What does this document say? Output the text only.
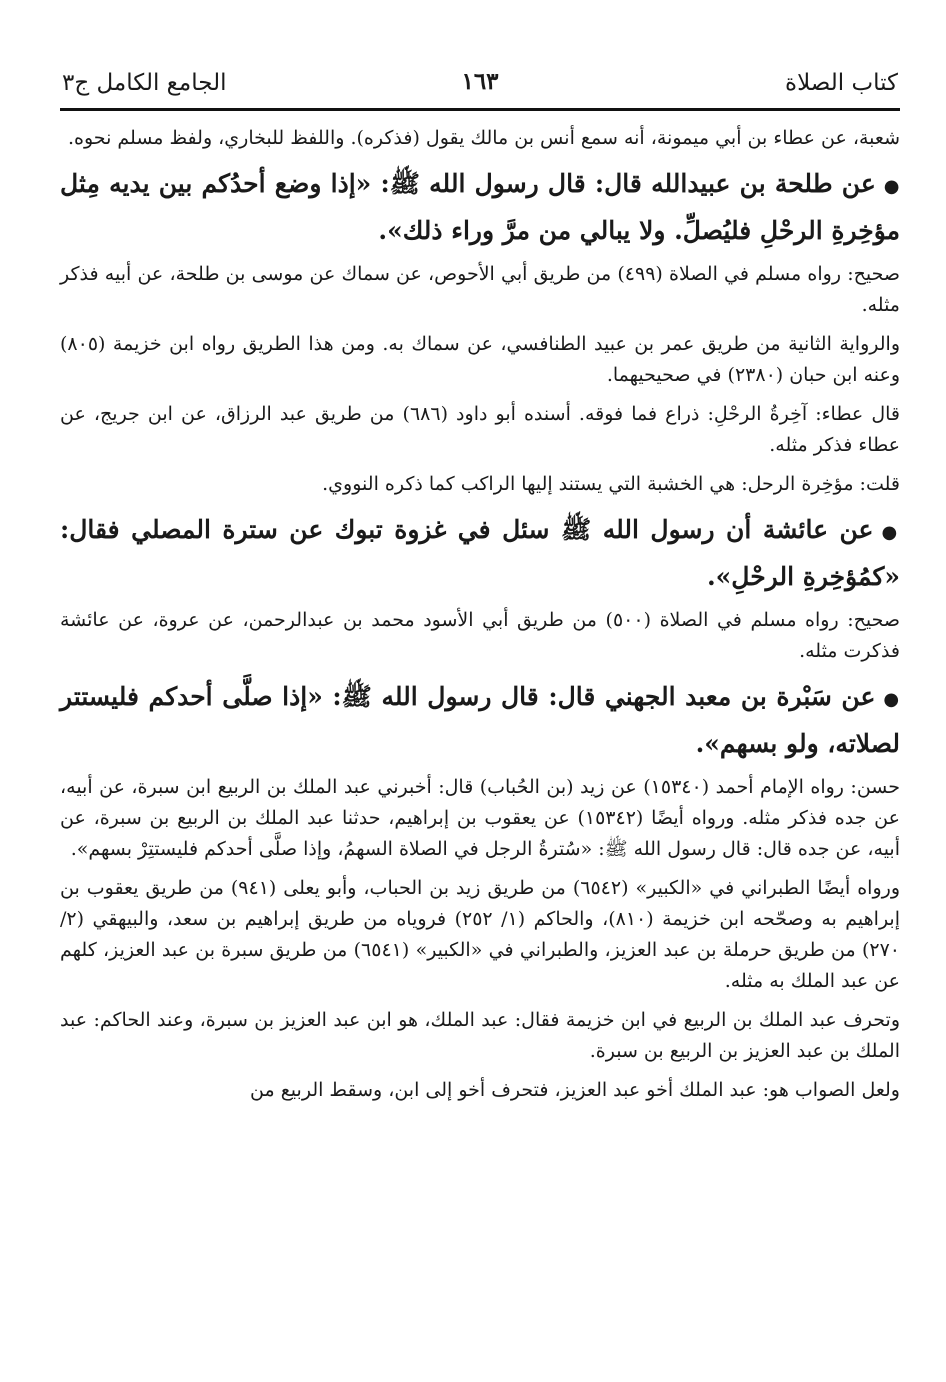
كتاب الصلاة
١٦٣
الجامع الكامل ج٣

شعبة، عن عطاء بن أبي ميمونة، أنه سمع أنس بن مالك يقول (فذكره). واللفظ للبخاري، ولفظ مسلم نحوه.

●عن طلحة بن عبيدالله قال: قال رسول الله ﷺ: «إذا وضع أحدُكم بين يديه مِثل مؤخِرةِ الرحْلِ فليُصلِّ. ولا يبالي من مرَّ وراء ذلك».

صحيح: رواه مسلم في الصلاة (٤٩٩) من طريق أبي الأحوص، عن سماك عن موسى بن طلحة، عن أبيه فذكر مثله.

والرواية الثانية من طريق عمر بن عبيد الطنافسي، عن سماك به. ومن هذا الطريق رواه ابن خزيمة (٨٠٥) وعنه ابن حبان (٢٣٨٠) في صحيحيهما.

قال عطاء: آخِرةُ الرحْلِ: ذراع فما فوقه. أسنده أبو داود (٦٨٦) من طريق عبد الرزاق، عن ابن جريج، عن عطاء فذكر مثله.

قلت: مؤخِرة الرحل: هي الخشبة التي يستند إليها الراكب كما ذكره النووي.

●عن عائشة أن رسول الله ﷺ سئل في غزوة تبوك عن سترة المصلي فقال: «كمُؤخِرةِ الرحْلِ».

صحيح: رواه مسلم في الصلاة (٥٠٠) من طريق أبي الأسود محمد بن عبدالرحمن، عن عروة، عن عائشة فذكرت مثله.

●عن سَبْرة بن معبد الجهني قال: قال رسول الله ﷺ: «إذا صلَّى أحدكم فليستتر لصلاته، ولو بسهم».

حسن: رواه الإمام أحمد (١٥٣٤٠) عن زيد (بن الحُباب) قال: أخبرني عبد الملك بن الربيع ابن سبرة، عن أبيه، عن جده فذكر مثله. ورواه أيضًا (١٥٣٤٢) عن يعقوب بن إبراهيم، حدثنا عبد الملك بن الربيع بن سبرة، عن أبيه، عن جده قال: قال رسول الله ﷺ: «سُترةُ الرجل في الصلاة السهمُ، وإذا صلَّى أحدكم فليستتِرْ بسهم».

ورواه أيضًا الطبراني في «الكبير» (٦٥٤٢) من طريق زيد بن الحباب، وأبو يعلى (٩٤١) من طريق يعقوب بن إبراهيم به وصحّحه ابن خزيمة (٨١٠)، والحاكم (١/ ٢٥٢) فروياه من طريق إبراهيم بن سعد، والبيهقي (٢/ ٢٧٠) من طريق حرملة بن عبد العزيز، والطبراني في «الكبير» (٦٥٤١) من طريق سبرة بن عبد العزيز، كلهم عن عبد الملك به مثله.

وتحرف عبد الملك بن الربيع في ابن خزيمة فقال: عبد الملك، هو ابن عبد العزيز بن سبرة، وعند الحاكم: عبد الملك بن عبد العزيز بن الربيع بن سبرة.

ولعل الصواب هو: عبد الملك أخو عبد العزيز، فتحرف أخو إلى ابن، وسقط الربيع من
